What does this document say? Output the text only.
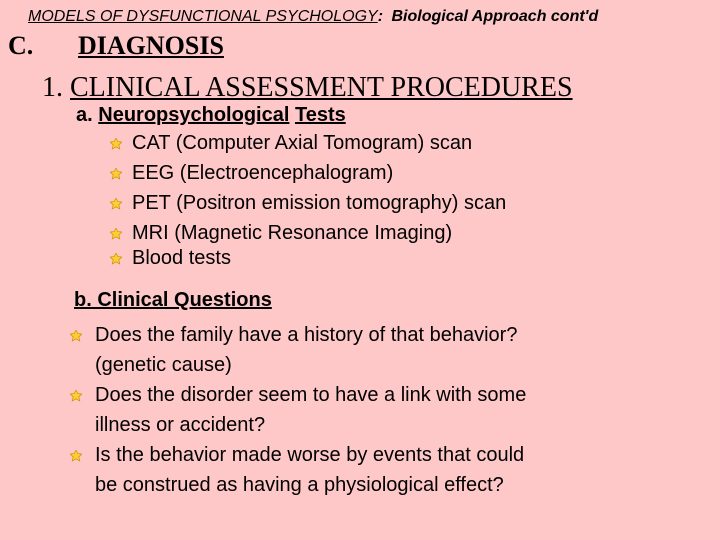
MODELS OF DYSFUNCTIONAL PSYCHOLOGY: Biological Approach cont'd
C. DIAGNOSIS
1. CLINICAL ASSESSMENT PROCEDURES
a. Neuropsychological Tests
CAT (Computer Axial Tomogram) scan
EEG (Electroencephalogram)
PET (Positron emission tomography) scan
MRI (Magnetic Resonance Imaging)
Blood tests
b. Clinical Questions
Does the family have a history of that behavior?
(genetic cause)
Does the disorder seem to have a link with some
illness or accident?
Is the behavior made worse by events that could
be construed as having a physiological effect?
